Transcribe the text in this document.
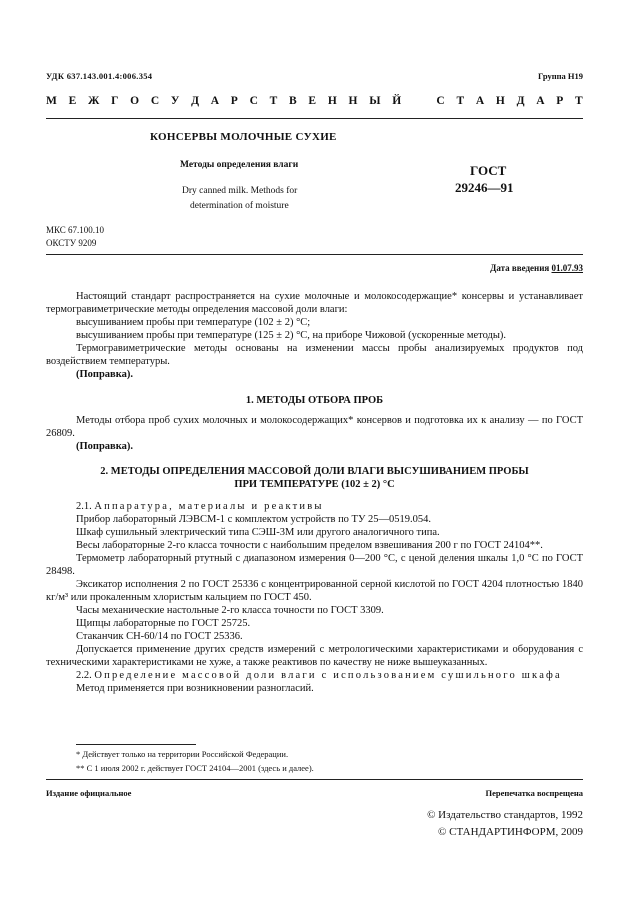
УДК 637.143.001.4:006.354	Группа Н19
М Е Ж Г О С У Д А Р С Т В Е Н Н Ы Й	С Т А Н Д А Р Т
КОНСЕРВЫ МОЛОЧНЫЕ СУХИЕ
Методы определения влаги
Dry canned milk. Methods for
determination of moisture
ГОСТ
29246—91
МКС 67.100.10
ОКСТУ 9209
Дата введения 01.07.93

Настоящий стандарт распространяется на сухие молочные и молокосодержащие* консервы и устанавливает термогравиметрические методы определения массовой доли влаги:

высушиванием пробы при температуре (102 ± 2) °С;

высушиванием пробы при температуре (125 ± 2) °С, на приборе Чижовой (ускоренные методы).

Термогравиметрические методы основаны на изменении массы пробы анализируемых продуктов под воздействием температуры.

(Поправка).

1. МЕТОДЫ ОТБОРА ПРОБ

Методы отбора проб сухих молочных и молокосодержащих* консервов и подготовка их к анализу — по ГОСТ 26809.

(Поправка).

2. МЕТОДЫ ОПРЕДЕЛЕНИЯ МАССОВОЙ ДОЛИ ВЛАГИ ВЫСУШИВАНИЕМ ПРОБЫ
ПРИ ТЕМПЕРАТУРЕ (102 ± 2) °С

2.1. Аппаратура, материалы и реактивы

Прибор лабораторный ЛЭВСМ-1 с комплектом устройств по ТУ 25—0519.054.

Шкаф сушильный электрический типа СЭШ-3М или другого аналогичного типа.

Весы лабораторные 2-го класса точности с наибольшим пределом взвешивания 200 г по ГОСТ 24104**.

Термометр лабораторный ртутный с диапазоном измерения 0—200 °С, с ценой деления шкалы 1,0 °С по ГОСТ 28498.

Эксикатор исполнения 2 по ГОСТ 25336 с концентрированной серной кислотой по ГОСТ 4204 плотностью 1840 кг/м³ или прокаленным хлористым кальцием по ГОСТ 450.

Часы механические настольные 2-го класса точности по ГОСТ 3309.

Щипцы лабораторные по ГОСТ 25725.

Стаканчик СН-60/14 по ГОСТ 25336.

Допускается применение других средств измерений с метрологическими характеристиками и оборудования с техническими характеристиками не хуже, а также реактивов по качеству не ниже вышеуказанных.

2.2. Определение массовой доли влаги с использованием сушильного шкафа

Метод применяется при возникновении разногласий.

* Действует только на территории Российской Федерации.
** С 1 июля 2002 г. действует ГОСТ 24104—2001 (здесь и далее).
Издание официальное	Перепечатка воспрещена
© Издательство стандартов, 1992
© СТАНДАРТИНФОРМ, 2009
